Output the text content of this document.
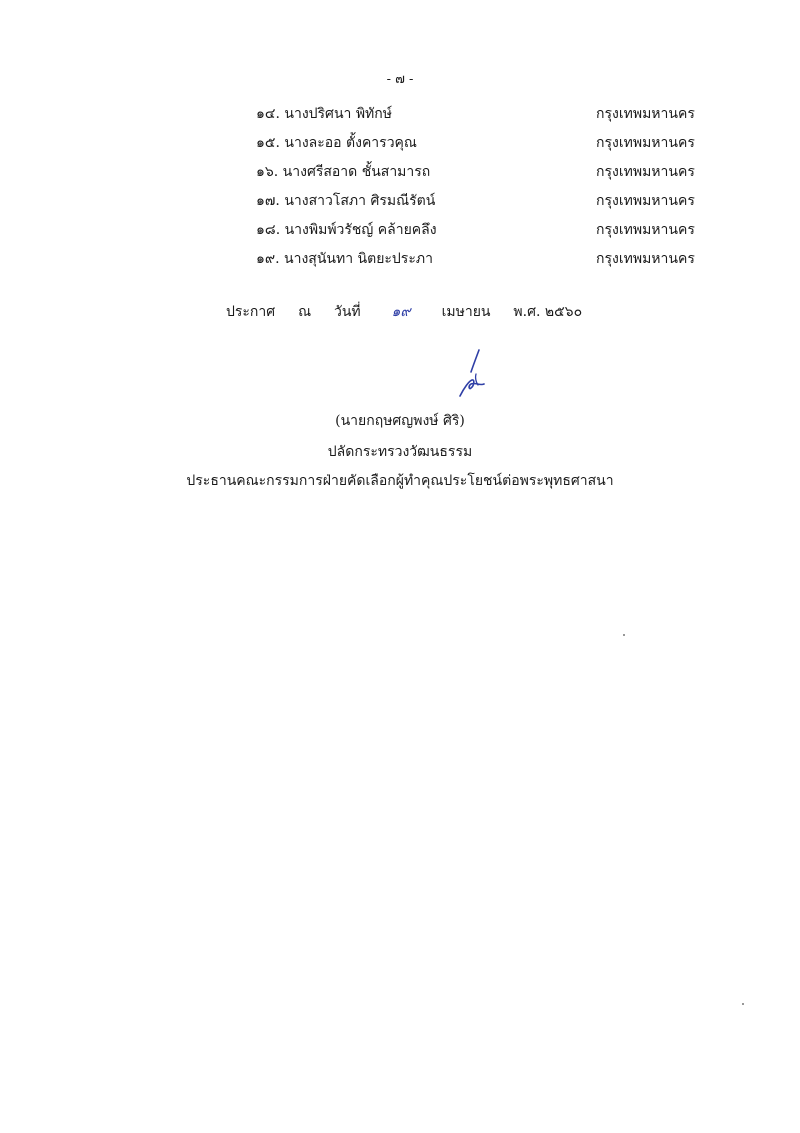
- ๗ -
๑๔. นางปริศนา พิทักษ์	กรุงเทพมหานคร
๑๕. นางละออ ตั้งคารวคุณ	กรุงเทพมหานคร
๑๖. นางศรีสอาด ชั้นสามารถ	กรุงเทพมหานคร
๑๗. นางสาวโสภา ศิรมณีรัตน์	กรุงเทพมหานคร
๑๘. นางพิมพ์วรัชญ์ คล้ายคลึง	กรุงเทพมหานคร
๑๙. นางสุนันทา นิตยะประภา	กรุงเทพมหานคร
ประกาศ ณ วันที่ ๑๙ เมษายน พ.ศ. ๒๕๖๐
(นายกฤษศญพงษ์ ศิริ)
ปลัดกระทรวงวัฒนธรรม
ประธานคณะกรรมการฝ่ายคัดเลือกผู้ทำคุณประโยชน์ต่อพระพุทธศาสนา
